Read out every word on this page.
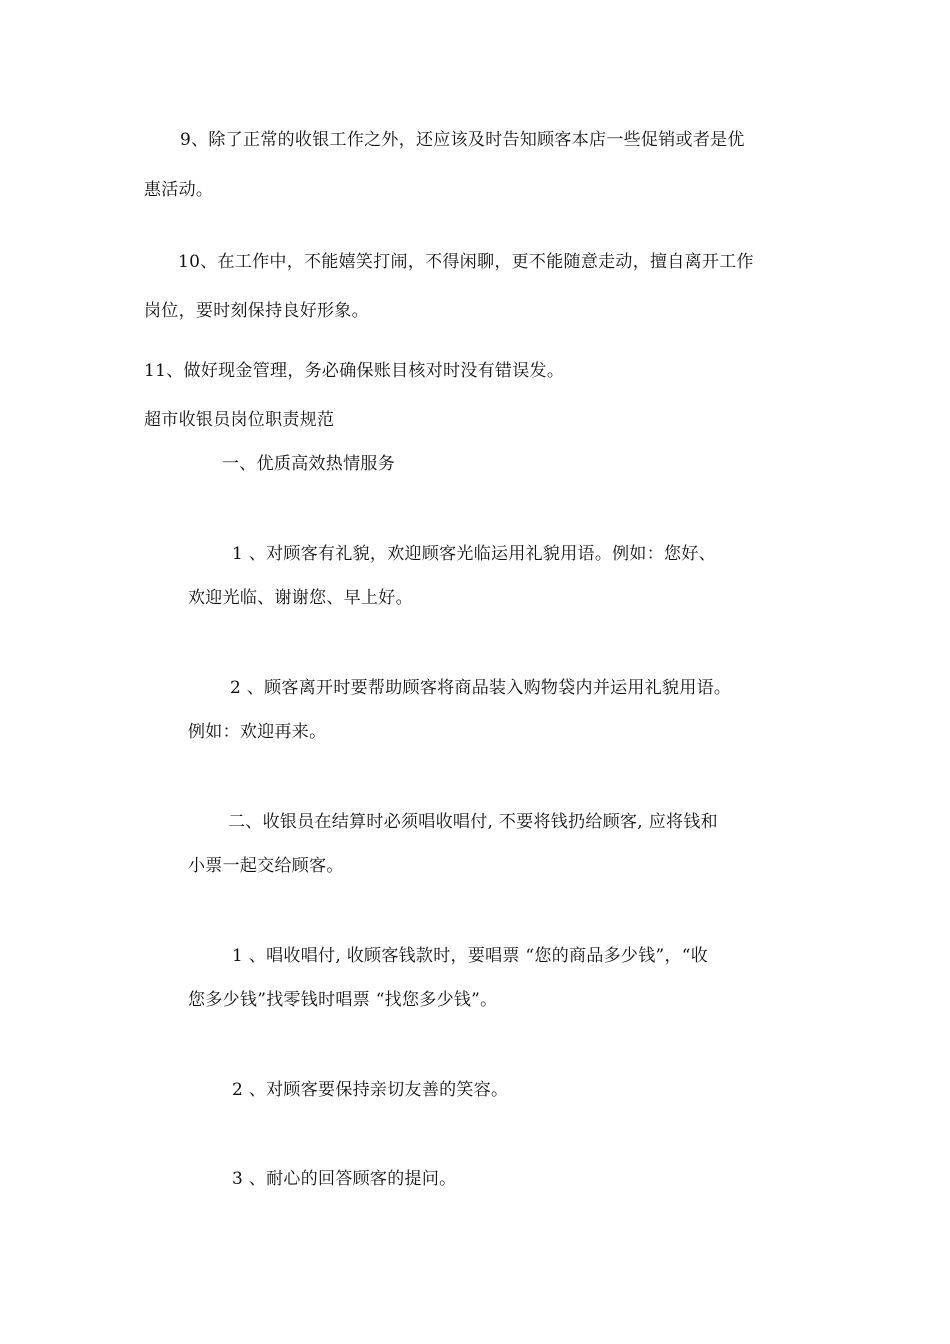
9、除了正常的收银工作之外，还应该及时告知顾客本店一些促销或者是优
惠活动。
10、在工作中，不能嬉笑打闹，不得闲聊，更不能随意走动，擅自离开工作
岗位，要时刻保持良好形象。
11、做好现金管理，务必确保账目核对时没有错误发。
超市收银员岗位职责规范
一、优质高效热情服务
1 、对顾客有礼貌，欢迎顾客光临运用礼貌用语。例如：您好、
欢迎光临、谢谢您、早上好。
2 、顾客离开时要帮助顾客将商品装入购物袋内并运用礼貌用语。
例如：欢迎再来。
二、收银员在结算时必须唱收唱付, 不要将钱扔给顾客, 应将钱和
小票一起交给顾客。
1 、唱收唱付, 收顾客钱款时，要唱票 “您的商品多少钱”，“收
您多少钱”找零钱时唱票 “找您多少钱”。
2 、对顾客要保持亲切友善的笑容。
3 、耐心的回答顾客的提问。
